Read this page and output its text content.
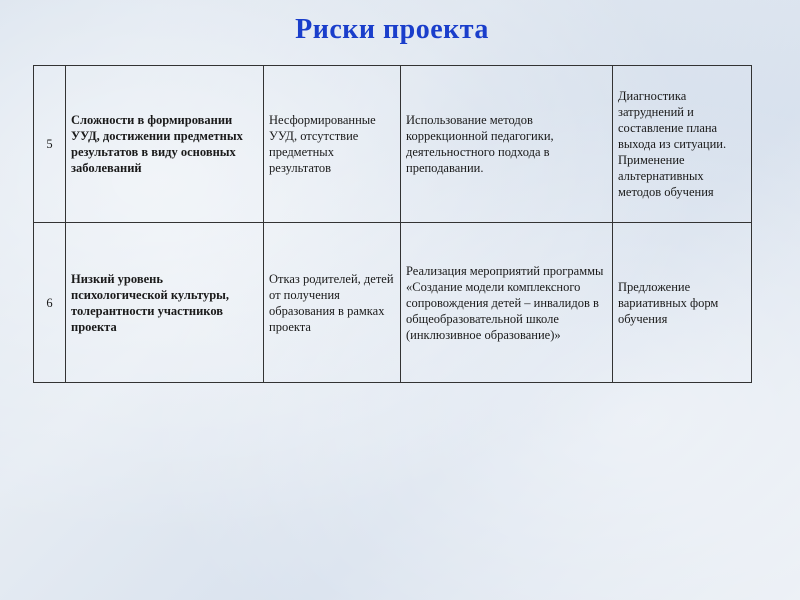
Риски проекта
5	Сложности в формировании УУД, достижении предметных результатов в виду основных заболеваний	Несформированные УУД, отсутствие предметных результатов	Использование методов коррекционной педагогики, деятельностного подхода в преподавании.	Диагностика затруднений и составление плана выхода из ситуации. Применение альтернативных методов обучения
6	Низкий уровень психологической культуры, толерантности участников проекта	Отказ родителей, детей от получения образования в рамках проекта	Реализация мероприятий программы «Создание модели комплексного сопровождения детей – инвалидов в общеобразовательной школе (инклюзивное образование)»	Предложение вариативных форм обучения
